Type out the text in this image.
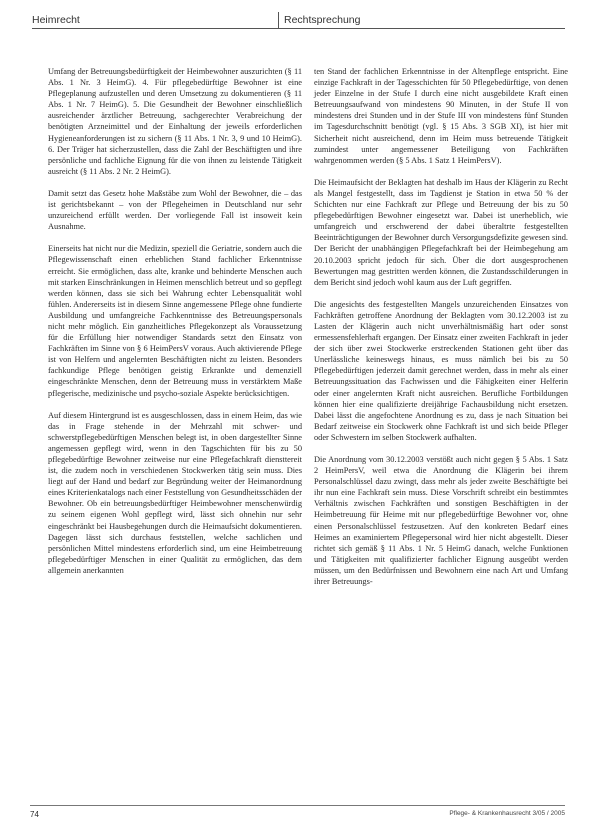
Heimrecht	Rechtsprechung

Umfang der Betreuungsbedürftigkeit der Heimbewohner auszurichten (§ 11 Abs. 1 Nr. 3 HeimG). 4. Für pflegebedürftige Bewohner ist eine Pflegeplanung aufzustellen und deren Umsetzung zu dokumentieren (§ 11 Abs. 1 Nr. 7 HeimG). 5. Die Gesundheit der Bewohner einschließlich ausreichender ärztlicher Betreuung, sachgerechter Verabreichung der benötigten Arzneimittel und der Einhaltung der jeweils erforderlichen Hygieneanforderungen ist zu sichern (§ 11 Abs. 1 Nr. 3, 9 und 10 HeimG). 6. Der Träger hat sicherzustellen, dass die Zahl der Beschäftigten und ihre persönliche und fachliche Eignung für die von ihnen zu leistende Tätigkeit ausreicht (§ 11 Abs. 2 Nr. 2 HeimG).

Damit setzt das Gesetz hohe Maßstäbe zum Wohl der Bewohner, die – das ist gerichtsbekannt – von der Pflegeheimen in Deutschland nur sehr unzureichend erfüllt werden. Der vorliegende Fall ist insoweit kein Ausnahme.

Einerseits hat nicht nur die Medizin, speziell die Geriatrie, sondern auch die Pflegewissenschaft einen erheblichen Stand fachlicher Erkenntnisse erreicht. Sie ermöglichen, dass alte, kranke und behinderte Menschen auch mit starken Einschränkungen in Heimen menschlich betreut und so gepflegt werden können, dass sie sich bei Wahrung echter Lebensqualität wohl fühlen. Andererseits ist in diesem Sinne angemessene Pflege ohne fundierte Ausbildung und umfangreiche Fachkenntnisse des Betreuungspersonals nicht mehr möglich. Ein ganzheitliches Pflegekonzept als Voraussetzung für die Erfüllung hier notwendiger Standards setzt den Einsatz von Fachkräften im Sinne von § 6 HeimPersV voraus. Auch aktivierende Pflege ist von Helfern und angelernten Beschäftigten nicht zu leisten. Besonders fachkundige Pflege benötigen geistig Erkrankte und demenziell eingeschränkte Menschen, denn der Betreuung muss in verstärktem Maße pflegerische, medizinische und psycho-soziale Aspekte berücksichtigen.

Auf diesem Hintergrund ist es ausgeschlossen, dass in einem Heim, das wie das in Frage stehende in der Mehrzahl mit schwer- und schwerstpflegebedürftigen Menschen belegt ist, in oben dargestellter Sinne angemessen gepflegt wird, wenn in den Tagschichten für bis zu 50 pflegebedürftige Bewohner zeitweise nur eine Pflegefachkraft diensttereit ist, die zudem noch in verschiedenen Stockwerken tätig sein muss. Dies liegt auf der Hand und bedarf zur Begründung weiter der Heimanordnung eines Kriterienkatalogs nach einer Feststellung von Gesundheitsschäden der Bewohner. Ob ein betreuungsbedürftiger Heimbewohner menschenwürdig zu seinem eigenen Wohl gepflegt wird, lässt sich ohnehin nur sehr eingeschränkt bei Hausbegehungen durch die Heimaufsicht dokumentieren. Dagegen lässt sich durchaus feststellen, welche sachlichen und persönlichen Mittel mindestens erforderlich sind, um eine Heimbetreuung pflegebedürftiger Menschen in einer Qualität zu ermöglichen, das dem allgemein anerkannten

ten Stand der fachlichen Erkenntnisse in der Altenpflege entspricht. Eine einzige Fachkraft in der Tagesschichten für 50 Pflegebedürftige, von denen jeder Einzelne in der Stufe I durch eine nicht ausgebildete Kraft einen Betreuungsaufwand von mindestens 90 Minuten, in der Stufe II von mindestens drei Stunden und in der Stufe III von mindestens fünf Stunden im Tagesdurchschnitt benötigt (vgl. § 15 Abs. 3 SGB XI), ist hier mit Sicherheit nicht ausreichend, denn im Heim muss betreuende Tätigkeit zumindest unter angemessener Beteiligung von Fachkräften wahrgenommen werden (§ 5 Abs. 1 Satz 1 HeimPersV).

Die Heimaufsicht der Beklagten hat deshalb im Haus der Klägerin zu Recht als Mangel festgestellt, dass im Tagdienst je Station in etwa 50 % der Schichten nur eine Fachkraft zur Pflege und Betreuung der bis zu 50 pflegebedürftigen Bewohner eingesetzt war. Dabei ist unerheblich, wie umfangreich und erschwerend der dabei überaltrte festgestellten Beeinträchtigungen der Bewohner durch Versorgungsdefizite gewesen sind. Der Bericht der unabhängigen Pflegefachkraft bei der Heimbegehung am 20.10.2003 spricht jedoch für sich. Über die dort ausgesprochenen Bewertungen mag gestritten werden können, die Zustandsschilderungen in dem Bericht sind jedoch wohl kaum aus der Luft gegriffen.

Die angesichts des festgestellten Mangels unzureichenden Einsatzes von Fachkräften getroffene Anordnung der Beklagten vom 30.12.2003 ist zu Lasten der Klägerin auch nicht unverhältnismäßig hart oder sonst ermessensfehlerhaft ergangen. Der Einsatz einer zweiten Fachkraft in jeder der sich über zwei Stockwerke erstreckenden Stationen geht über das Unerlässliche keineswegs hinaus, es muss nämlich bei bis zu 50 Pflegebedürftigen jederzeit damit gerechnet werden, dass in mehr als einer Betreuungssituation das Fachwissen und die Fähigkeiten einer Helferin oder einer angelernten Kraft nicht ausreichen. Berufliche Fortbildungen können hier eine qualifizierte dreijährige Fachausbildung nicht ersetzen. Dabei lässt die angefochtene Anordnung es zu, dass je nach Situation bei Bedarf zeitweise ein Stockwerk ohne Fachkraft ist und sich beide Pfleger oder Schwestern im selben Stockwerk aufhalten.

Die Anordnung vom 30.12.2003 verstößt auch nicht gegen § 5 Abs. 1 Satz 2 HeimPersV, weil etwa die Anordnung die Klägerin bei ihrem Personalschlüssel dazu zwingt, dass mehr als jeder zweite Beschäftigte bei ihr nun eine Fachkraft sein muss. Diese Vorschrift schreibt ein bestimmtes Verhältnis zwischen Fachkräften und sonstigen Beschäftigten in der Heimbetreuung für Heime mit nur pflegebedürftige Bewohner vor, ohne einen Personalschlüssel festzusetzen. Auf den konkreten Bedarf eines Heimes an examiniertem Pflegepersonal wird hier nicht abgestellt. Dieser richtet sich gemäß § 11 Abs. 1 Nr. 5 HeimG danach, welche Funktionen und Tätigkeiten mit qualifizierter fachlicher Eignung ausgeübt werden müssen, um den Bedürfnissen und Bewohnern eine nach Art und Umfang ihrer Betreuungs-

74	Pflege- & Krankenhausrecht 3/05 / 2005
